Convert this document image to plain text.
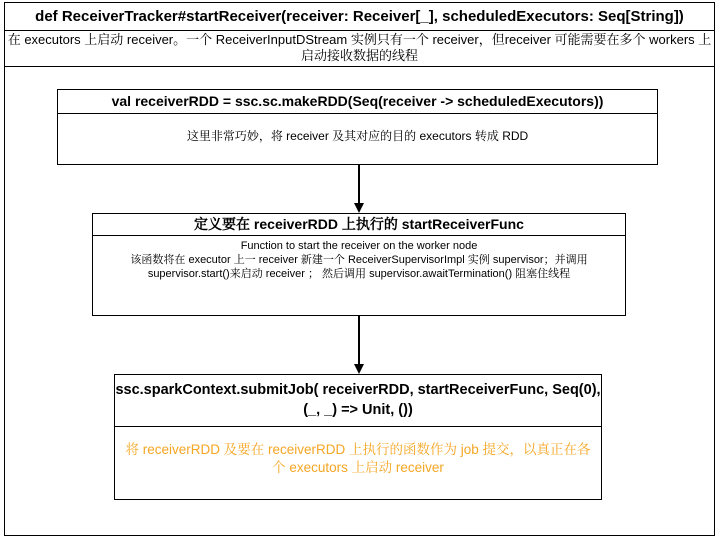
def ReceiverTracker#startReceiver(receiver: Receiver[_], scheduledExecutors: Seq[String])
在 executors 上启动 receiver。一个 ReceiverInputDStream 实例只有一个 receiver，但receiver 可能需要在多个 workers 上启动接收数据的线程
val receiverRDD = ssc.sc.makeRDD(Seq(receiver -> scheduledExecutors))
这里非常巧妙，将 receiver 及其对应的目的 executors 转成 RDD
定义要在 receiverRDD 上执行的 startReceiverFunc
Function to start the receiver on the worker node
该函数将在 executor 上一 receiver 新建一个 ReceiverSupervisorImpl 实例 supervisor；并调用supervisor.start()来启动 receiver ； 然后调用 supervisor.awaitTermination() 阻塞住线程
ssc.sparkContext.submitJob( receiverRDD, startReceiverFunc, Seq(0), (_, _) => Unit, ())
将 receiverRDD 及要在 receiverRDD 上执行的函数作为 job 提交，以真正在各个 executors 上启动 receiver
